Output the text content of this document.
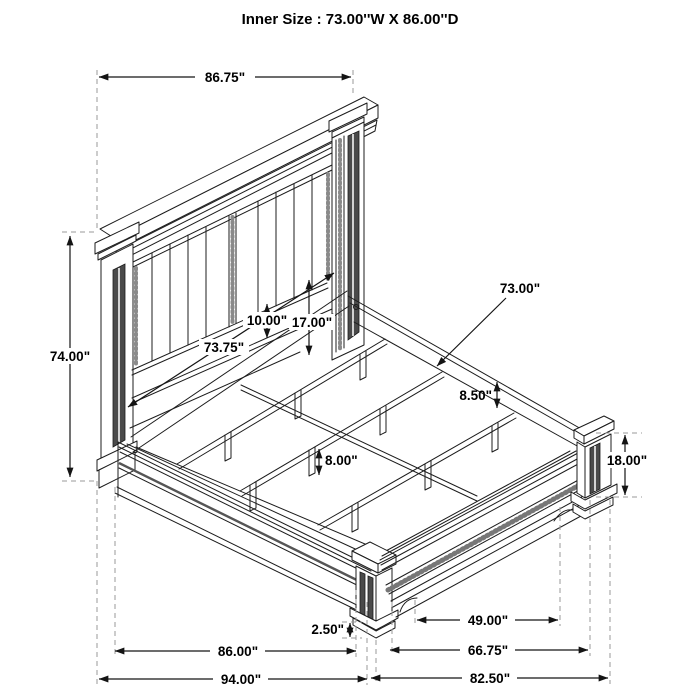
86.75"
74.00"
73.75"
10.00" 17.00"
73.00"
8.50"
8.00"	18.00"
2.50"
49.00"
66.75"
82.50"
86.00"
94.00"
Inner Size : 73.00''W X 86.00''D
